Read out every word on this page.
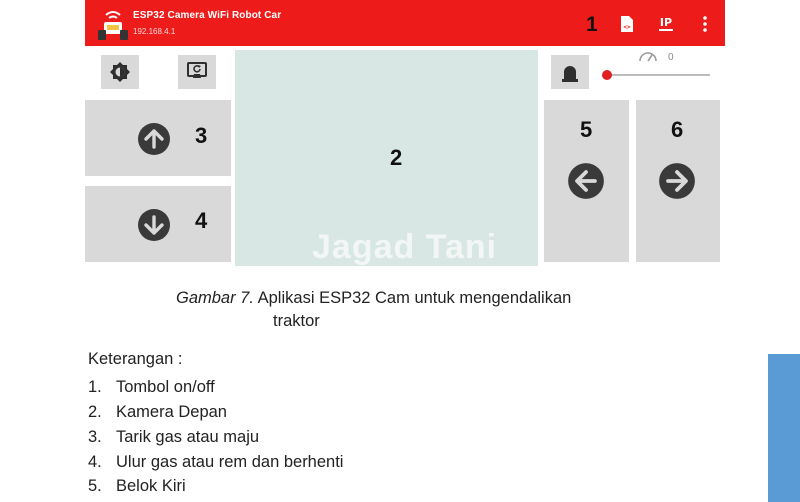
ESP32 Camera WiFi Robot Car
192.168.4.1	1	<>	IP
3
4
2
Jagad Tani
0
5	6
Gambar 7. Aplikasi ESP32 Cam untuk mengendalikan
traktor
Keterangan :
1. Tombol on/off
2. Kamera Depan
3. Tarik gas atau maju
4. Ulur gas atau rem dan berhenti
5. Belok Kiri
